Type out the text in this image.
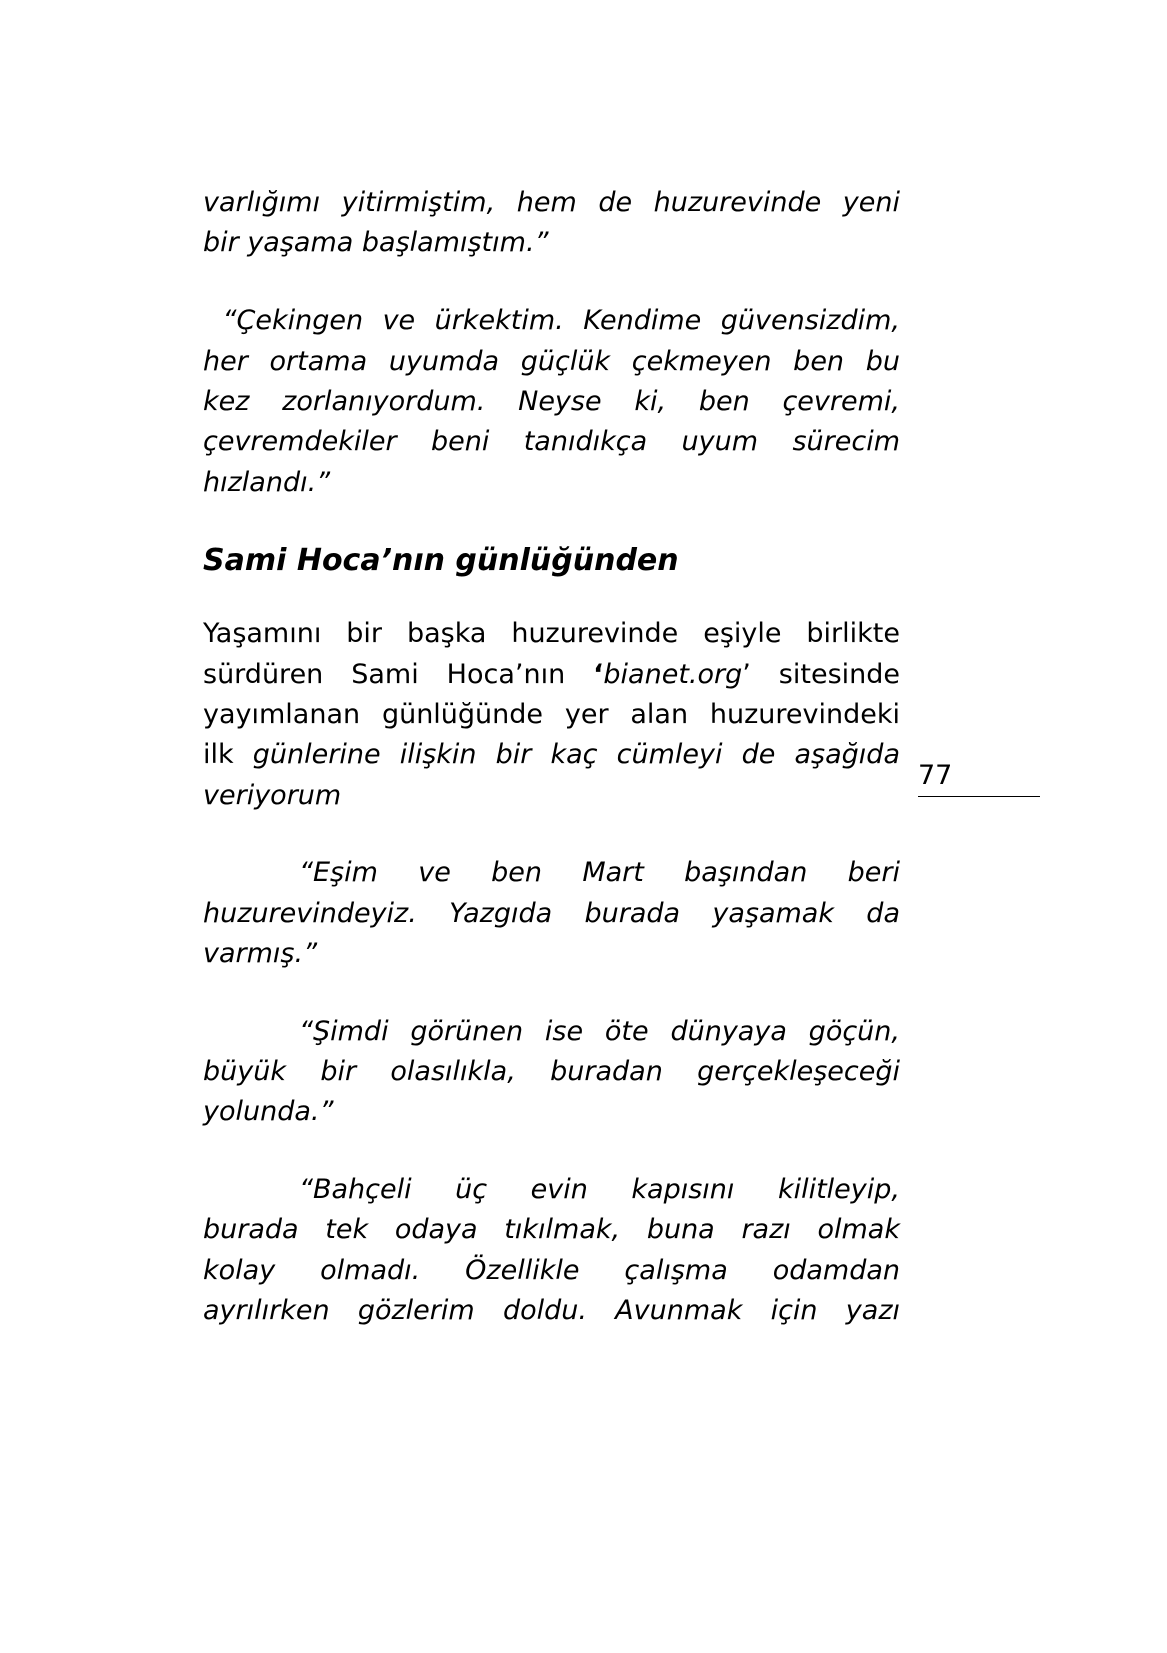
varlığımı yitirmiştim, hem de huzurevinde yeni
bir yaşama başlamıştım.”
“Çekingen ve ürkektim. Kendime güvensizdim,
her ortama uyumda güçlük çekmeyen ben bu
kez zorlanıyordum. Neyse ki, ben çevremi,
çevremdekiler beni tanıdıkça uyum sürecim
hızlandı.”
Sami Hoca’nın günlüğünden
Yaşamını bir başka huzurevinde eşiyle birlikte
sürdüren Sami Hoca’nın ‘bianet.org’ sitesinde
yayımlanan günlüğünde yer alan huzurevindeki
ilk günlerine ilişkin bir kaç cümleyi de aşağıda
veriyorum
77
“Eşim ve ben Mart başından beri
huzurevindeyiz. Yazgıda burada yaşamak da
varmış.”
“Şimdi görünen ise öte dünyaya göçün,
büyük bir olasılıkla, buradan gerçekleşeceği
yolunda.”
“Bahçeli üç evin kapısını kilitleyip,
burada tek odaya tıkılmak, buna razı olmak
kolay olmadı. Özellikle çalışma odamdan
ayrılırken gözlerim doldu. Avunmak için yazı
